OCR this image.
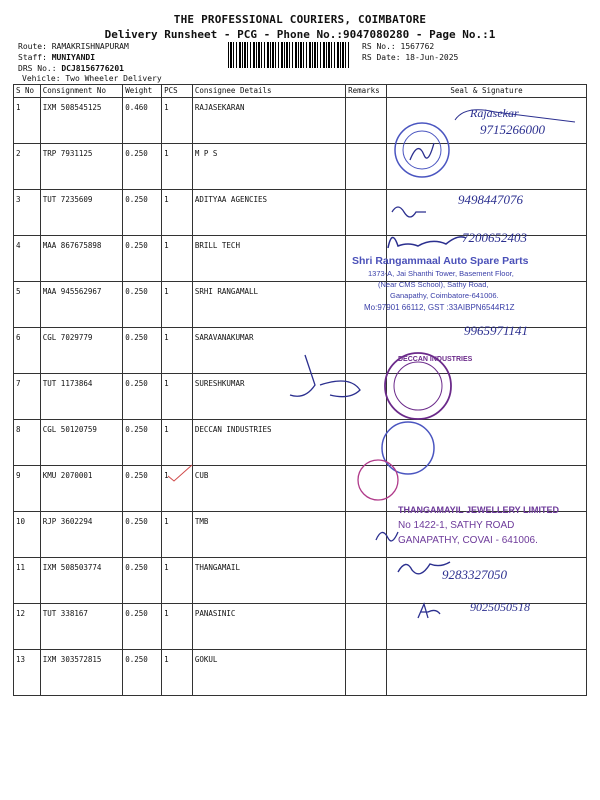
THE PROFESSIONAL COURIERS, COIMBATORE
Delivery Runsheet - PCG - Phone No.:9047080280 - Page No.:1
Route: RAMAKRISHNAPURAM
Staff: MUNIYANDI
DRS No.: DCJ8156776201
Vehicle: Two Wheeler Delivery
RS No.: 1567762
RS Date: 18-Jun-2025
S No	Consignment No	Weight	PCS	Consignee Details	Remarks	Seal & Signature
1	IXM 508545125	0.460	1	RAJASEKARAN		
2	TRP 7931125	0.250	1	M P S		
3	TUT 7235609	0.250	1	ADITYAA AGENCIES		
4	MAA 867675898	0.250	1	BRILL TECH		
5	MAA 945562967	0.250	1	SRHI RANGAMALL		
6	CGL 7029779	0.250	1	SARAVANAKUMAR		
7	TUT 1173864	0.250	1	SURESHKUMAR		
8	CGL 50120759	0.250	1	DECCAN INDUSTRIES		
9	KMU 2070001	0.250	1	CUB		
10	RJP 3602294	0.250	1	TMB		
11	IXM 508503774	0.250	1	THANGAMAIL		
12	TUT 338167	0.250	1	PANASINIC		
13	IXM 303572815	0.250	1	GOKUL		
Shri Rangammaal Auto Spare Parts
1373-A, Jai Shanthi Tower, Basement Floor,
(Near CMS School), Sathy Road,
Ganapathy, Coimbatore-641006.
Mo:97901 66112, GST :33AIBPN6544R1Z
THANGAMAYIL JEWELLERY LIMITED
No 1422-1, SATHY ROAD
GANAPATHY, COVAI - 641006.
DECCAN INDUSTRIES
Rajasekar
9715266000
9498447076
7200652403
9965971141
9283327050
9025050518
